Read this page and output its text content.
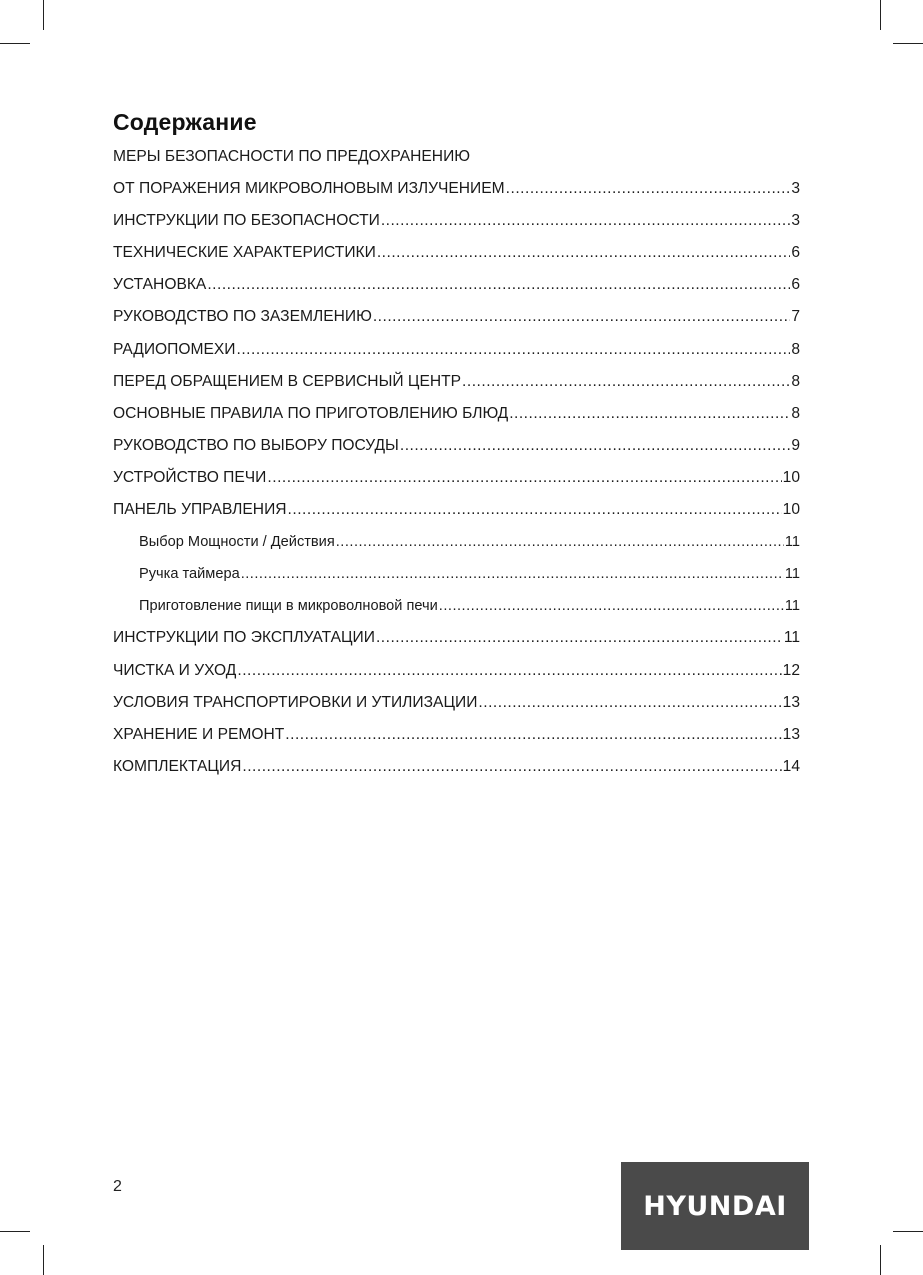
Содержание
МЕРЫ БЕЗОПАСНОСТИ ПО ПРЕДОХРАНЕНИЮ
ОТ ПОРАЖЕНИЯ МИКРОВОЛНОВЫМ ИЗЛУЧЕНИЕМ .....	3
ИНСТРУКЦИИ ПО БЕЗОПАСНОСТИ .....	3
ТЕХНИЧЕСКИЕ ХАРАКТЕРИСТИКИ .....	6
УСТАНОВКА .....	6
РУКОВОДСТВО ПО ЗАЗЕМЛЕНИЮ .....	7
РАДИОПОМЕХИ .....	8
ПЕРЕД ОБРАЩЕНИЕМ В СЕРВИСНЫЙ ЦЕНТР .....	8
ОСНОВНЫЕ ПРАВИЛА ПО ПРИГОТОВЛЕНИЮ БЛЮД .....	8
РУКОВОДСТВО ПО ВЫБОРУ ПОСУДЫ .....	9
УСТРОЙСТВО ПЕЧИ .....	10
ПАНЕЛЬ УПРАВЛЕНИЯ .....	10
Выбор Мощности / Действия .....	11
Ручка таймера .....	11
Приготовление пищи в микроволновой печи .....	11
ИНСТРУКЦИИ ПО ЭКСПЛУАТАЦИИ .....	11
ЧИСТКА И УХОД .....	12
УСЛОВИЯ ТРАНСПОРТИРОВКИ И УТИЛИЗАЦИИ .....	13
ХРАНЕНИЕ И РЕМОНТ .....	13
КОМПЛЕКТАЦИЯ .....	14
2
HYUNDAI
